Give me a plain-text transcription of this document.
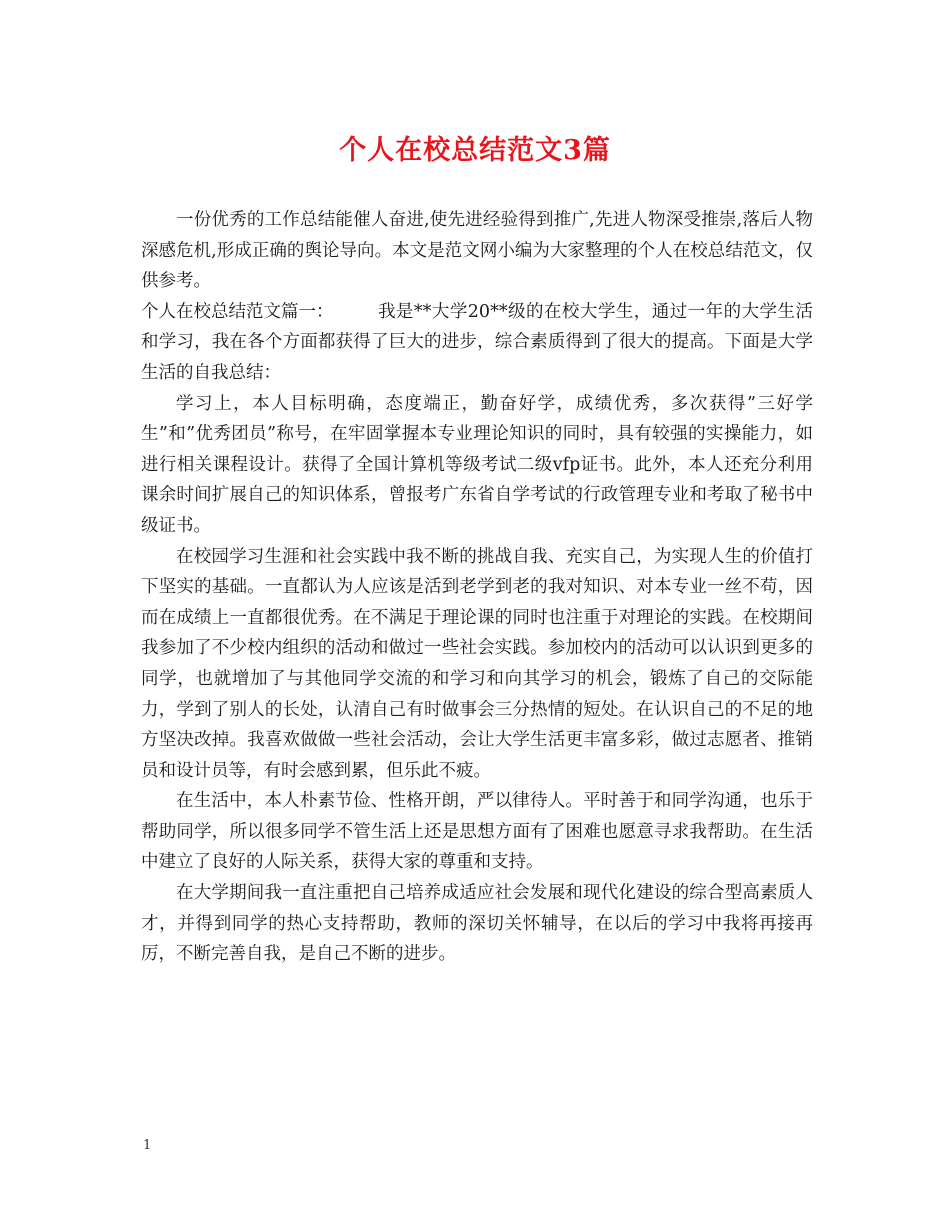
个人在校总结范文3篇

一份优秀的工作总结能催人奋进,使先进经验得到推广,先进人物深受推崇,落后人物深感危机,形成正确的舆论导向。本文是范文网小编为大家整理的个人在校总结范文，仅供参考。

个人在校总结范文篇一：	我是**大学20**级的在校大学生，通过一年的大学生活和学习，我在各个方面都获得了巨大的进步，综合素质得到了很大的提高。下面是大学生活的自我总结：

学习上，本人目标明确，态度端正，勤奋好学，成绩优秀，多次获得”三好学生”和”优秀团员”称号，在牢固掌握本专业理论知识的同时，具有较强的实操能力，如进行相关课程设计。获得了全国计算机等级考试二级vfp证书。此外，本人还充分利用课余时间扩展自己的知识体系，曾报考广东省自学考试的行政管理专业和考取了秘书中级证书。

在校园学习生涯和社会实践中我不断的挑战自我、充实自己，为实现人生的价值打下坚实的基础。一直都认为人应该是活到老学到老的我对知识、对本专业一丝不苟，因而在成绩上一直都很优秀。在不满足于理论课的同时也注重于对理论的实践。在校期间我参加了不少校内组织的活动和做过一些社会实践。参加校内的活动可以认识到更多的同学，也就增加了与其他同学交流的和学习和向其学习的机会，锻炼了自己的交际能力，学到了别人的长处，认清自己有时做事会三分热情的短处。在认识自己的不足的地方坚决改掉。我喜欢做做一些社会活动，会让大学生活更丰富多彩，做过志愿者、推销员和设计员等，有时会感到累，但乐此不疲。

在生活中，本人朴素节俭、性格开朗，严以律待人。平时善于和同学沟通，也乐于帮助同学，所以很多同学不管生活上还是思想方面有了困难也愿意寻求我帮助。在生活中建立了良好的人际关系，获得大家的尊重和支持。

在大学期间我一直注重把自己培养成适应社会发展和现代化建设的综合型高素质人才，并得到同学的热心支持帮助，教师的深切关怀辅导，在以后的学习中我将再接再厉，不断完善自我，是自己不断的进步。

1
